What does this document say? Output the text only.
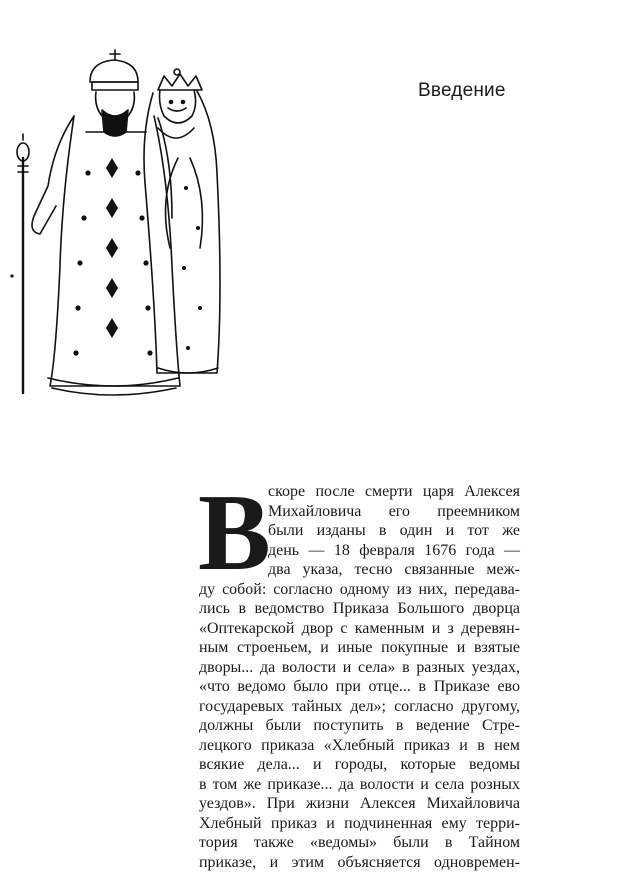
Введение
В
скоре после смерти царя Алексея
Михайловича его преемником
были изданы в один и тот же
день — 18 февраля 1676 года —
два указа, тесно связанные меж-
ду собой: согласно одному из них, передава-
лись в ведомство Приказа Большого дворца
«Оптекарской двор с каменным и з деревян-
ным строеньем, и иные покупные и взятые
дворы... да волости и села» в разных уездах,
«что ведомо было при отце... в Приказе ево
государевых тайных дел»; согласно другому,
должны были поступить в ведение Стре-
лецкого приказа «Хлебный приказ и в нем
всякие дела... и городы, которые ведомы
в том же приказе... да волости и села розных
уездов». При жизни Алексея Михайловича
Хлебный приказ и подчиненная ему терри-
тория также «ведомы» были в Тайном
приказе, и этим объясняется одновремен-
